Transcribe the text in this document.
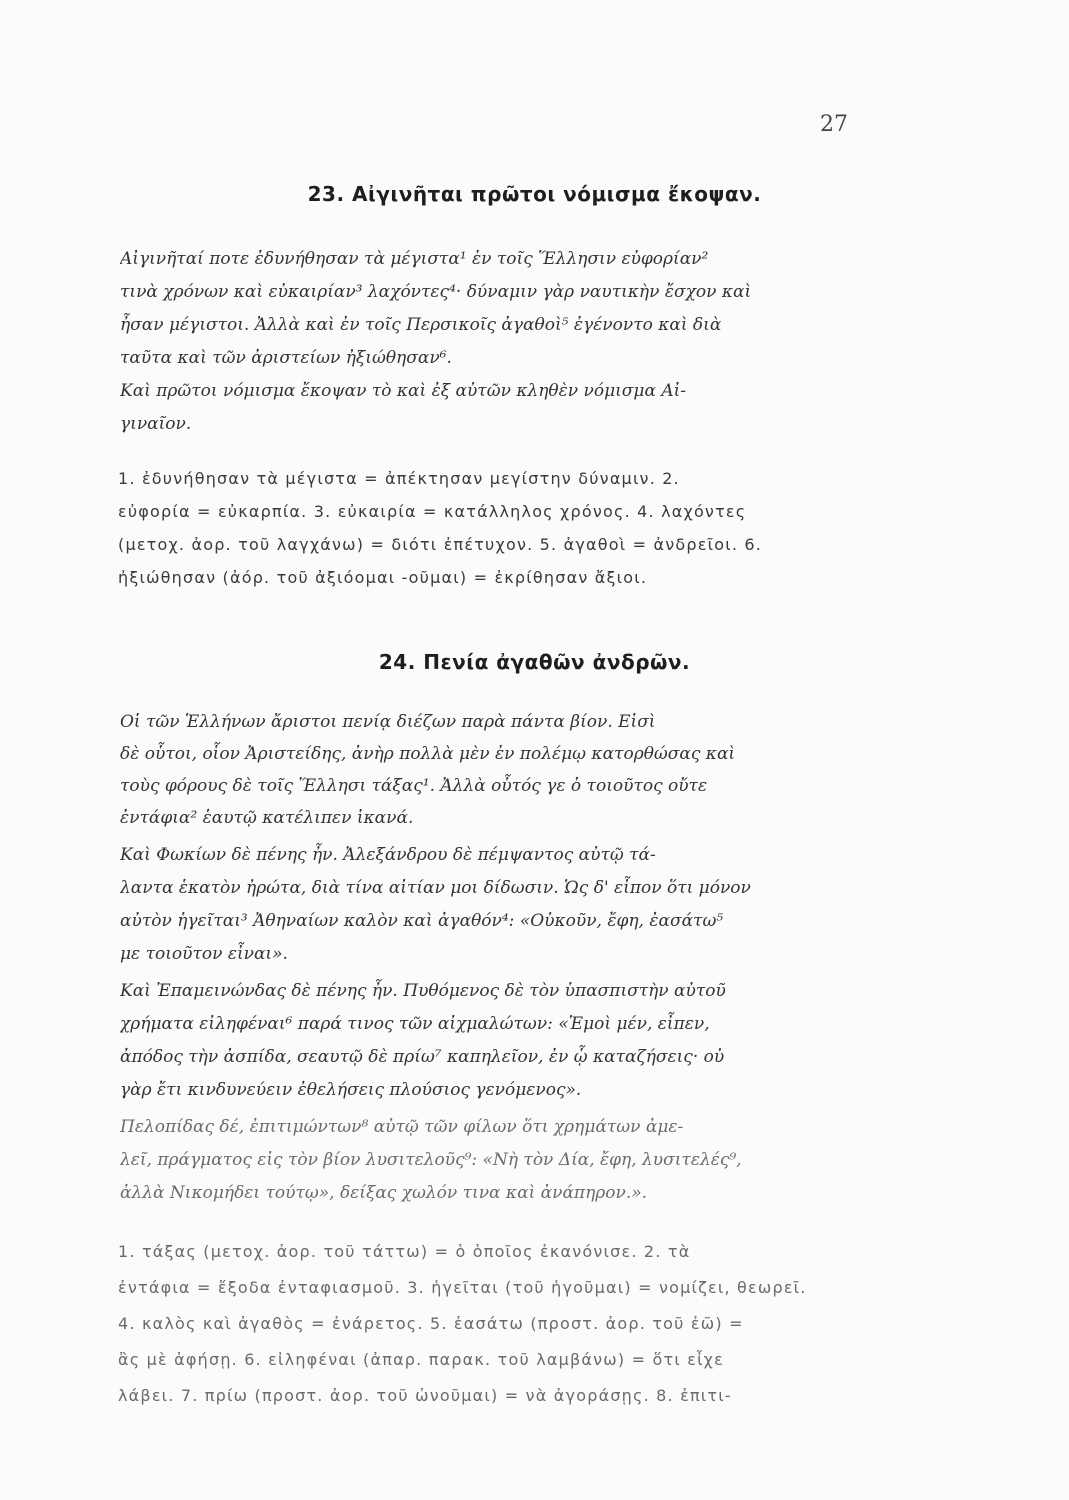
27
23. Αἰγινῆται πρῶτοι νόμισμα ἔκοψαν.
Αἰγινῆταί ποτε ἐδυνήθησαν τὰ μέγιστα¹ ἐν τοῖς Ἕλλησιν εὐφορίαν²
τινὰ χρόνων καὶ εὐκαιρίαν³ λαχόντες⁴· δύναμιν γὰρ ναυτικὴν ἔσχον καὶ
ἦσαν μέγιστοι. Ἀλλὰ καὶ ἐν τοῖς Περσικοῖς ἀγαθοὶ⁵ ἐγένοντο καὶ διὰ
ταῦτα καὶ τῶν ἀριστείων ἠξιώθησαν⁶.
Καὶ πρῶτοι νόμισμα ἔκοψαν τὸ καὶ ἐξ αὐτῶν κληθὲν νόμισμα Αἰ-
γιναῖον.
1. ἐδυνήθησαν τὰ μέγιστα = ἀπέκτησαν μεγίστην δύναμιν. 2.
εὐφορία = εὐκαρπία. 3. εὐκαιρία = κατάλληλος χρόνος. 4. λαχόντες
(μετοχ. ἀορ. τοῦ λαγχάνω) = διότι ἐπέτυχον. 5. ἀγαθοὶ = ἀνδρεῖοι. 6.
ἠξιώθησαν (ἀόρ. τοῦ ἀξιόομαι -οῦμαι) = ἐκρίθησαν ἄξιοι.
24. Πενία ἀγαθῶν ἀνδρῶν.
Οἱ τῶν Ἑλλήνων ἄριστοι πενίᾳ διέζων παρὰ πάντα βίον. Εἰσὶ
δὲ οὗτοι, οἷον Ἀριστείδης, ἀνὴρ πολλὰ μὲν ἐν πολέμῳ κατορθώσας καὶ
τοὺς φόρους δὲ τοῖς Ἕλλησι τάξας¹. Ἀλλὰ οὗτός γε ὁ τοιοῦτος οὔτε
ἐντάφια² ἑαυτῷ κατέλιπεν ἱκανά.
Καὶ Φωκίων δὲ πένης ἦν. Ἀλεξάνδρου δὲ πέμψαντος αὐτῷ τά-
λαντα ἑκατὸν ἠρώτα, διὰ τίνα αἰτίαν μοι δίδωσιν. Ὡς δ' εἶπον ὅτι μόνον
αὐτὸν ἡγεῖται³ Ἀθηναίων καλὸν καὶ ἀγαθόν⁴: «Οὐκοῦν, ἔφη, ἐασάτω⁵
με τοιοῦτον εἶναι».
Καὶ Ἐπαμεινώνδας δὲ πένης ἦν. Πυθόμενος δὲ τὸν ὑπασπιστὴν αὐτοῦ
χρήματα εἰληφέναι⁶ παρά τινος τῶν αἰχμαλώτων: «Ἐμοὶ μέν, εἶπεν,
ἀπόδος τὴν ἀσπίδα, σεαυτῷ δὲ πρίω⁷ καπηλεῖον, ἐν ᾧ καταζήσεις· οὐ
γὰρ ἔτι κινδυνεύειν ἐθελήσεις πλούσιος γενόμενος».
Πελοπίδας δέ, ἐπιτιμώντων⁸ αὐτῷ τῶν φίλων ὅτι χρημάτων ἀμε-
λεῖ, πράγματος εἰς τὸν βίον λυσιτελοῦς⁹: «Νὴ τὸν Δία, ἔφη, λυσιτελές⁹,
ἀλλὰ Νικομήδει τούτῳ», δείξας χωλόν τινα καὶ ἀνάπηρον.».
1. τάξας (μετοχ. ἀορ. τοῦ τάττω) = ὁ ὁποῖος ἐκανόνισε. 2. τὰ
ἐντάφια = ἔξοδα ἐνταφιασμοῦ. 3. ἡγεῖται (τοῦ ἡγοῦμαι) = νομίζει, θεωρεῖ.
4. καλὸς καὶ ἀγαθὸς = ἐνάρετος. 5. ἐασάτω (προστ. ἀορ. τοῦ ἐῶ) =
ἂς μὲ ἀφήσῃ. 6. εἰληφέναι (ἀπαρ. παρακ. τοῦ λαμβάνω) = ὅτι εἶχε
λάβει. 7. πρίω (προστ. ἀορ. τοῦ ὠνοῦμαι) = νὰ ἀγοράσῃς. 8. ἐπιτι-
